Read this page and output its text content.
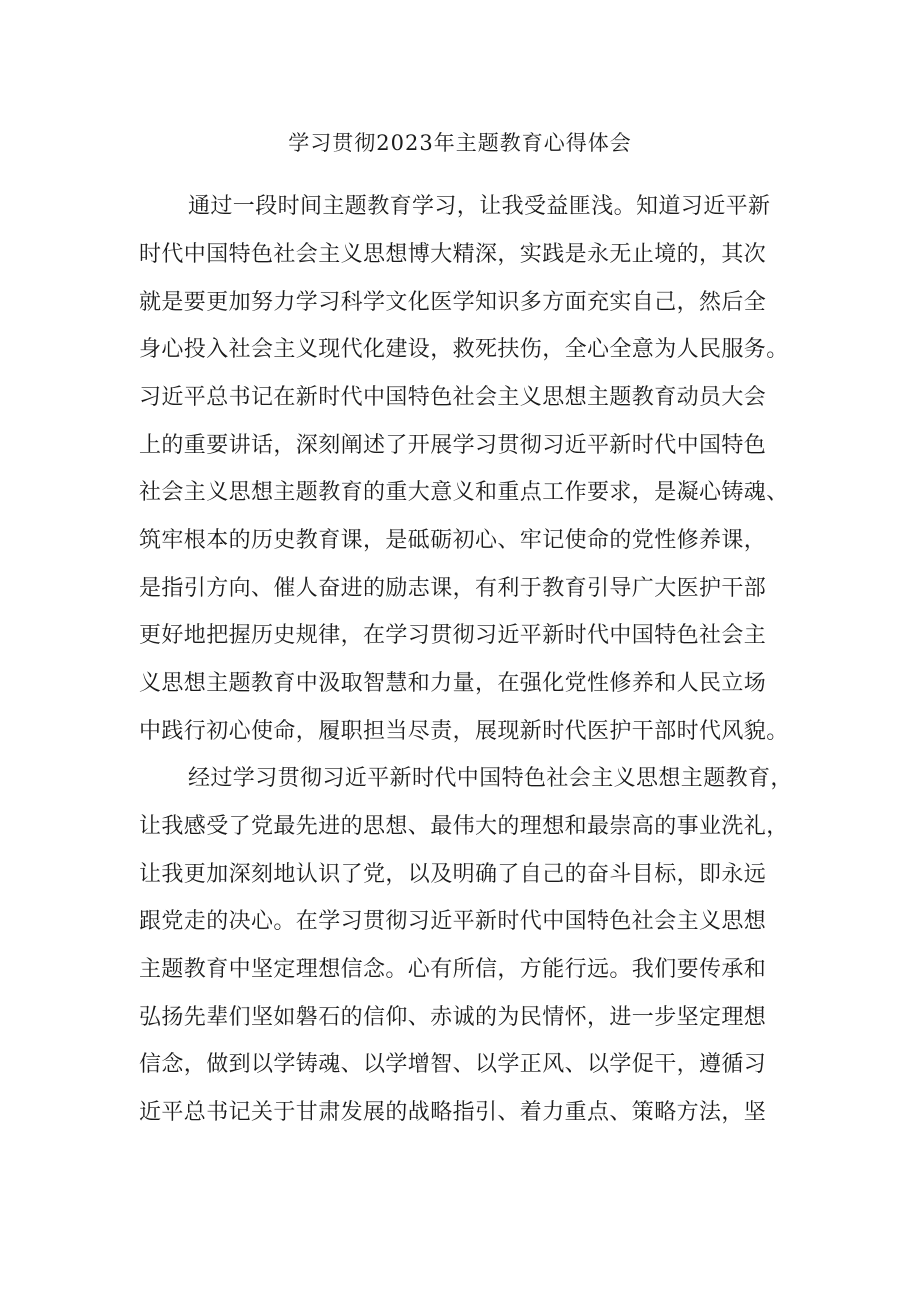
学习贯彻2023年主题教育心得体会

通过一段时间主题教育学习，让我受益匪浅。知道习近平新

时代中国特色社会主义思想博大精深，实践是永无止境的，其次

就是要更加努力学习科学文化医学知识多方面充实自己，然后全

身心投入社会主义现代化建设，救死扶伤，全心全意为人民服务。

习近平总书记在新时代中国特色社会主义思想主题教育动员大会

上的重要讲话，深刻阐述了开展学习贯彻习近平新时代中国特色

社会主义思想主题教育的重大意义和重点工作要求，是凝心铸魂、

筑牢根本的历史教育课，是砥砺初心、牢记使命的党性修养课，

是指引方向、催人奋进的励志课，有利于教育引导广大医护干部

更好地把握历史规律，在学习贯彻习近平新时代中国特色社会主

义思想主题教育中汲取智慧和力量，在强化党性修养和人民立场

中践行初心使命，履职担当尽责，展现新时代医护干部时代风貌。

经过学习贯彻习近平新时代中国特色社会主义思想主题教育，

让我感受了党最先进的思想、最伟大的理想和最崇高的事业洗礼，

让我更加深刻地认识了党，以及明确了自己的奋斗目标，即永远

跟党走的决心。在学习贯彻习近平新时代中国特色社会主义思想

主题教育中坚定理想信念。心有所信，方能行远。我们要传承和

弘扬先辈们坚如磐石的信仰、赤诚的为民情怀，进一步坚定理想

信念，做到以学铸魂、以学增智、以学正风、以学促干，遵循习

近平总书记关于甘肃发展的战略指引、着力重点、策略方法，坚
